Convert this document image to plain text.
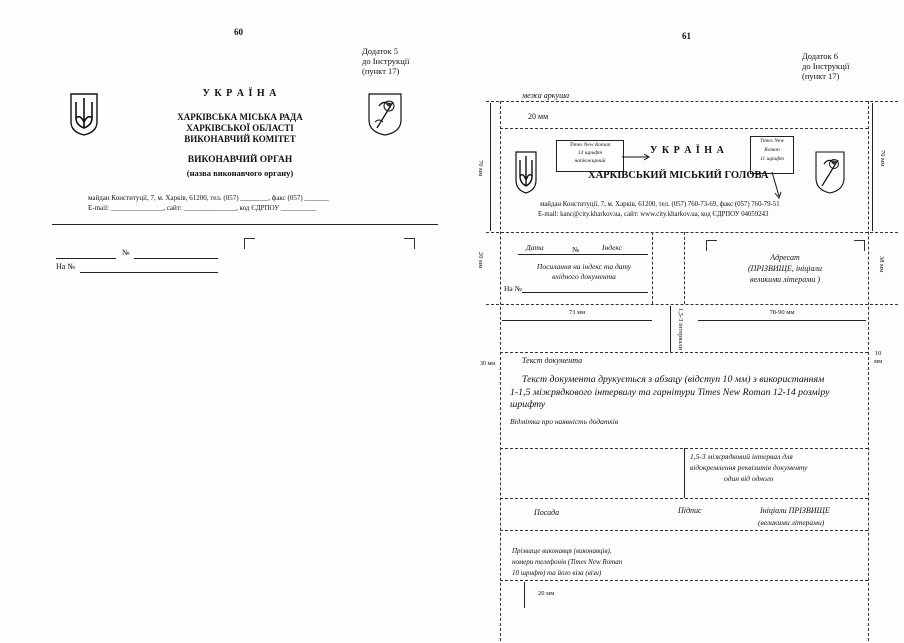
60
Додаток 5
до Інструкції
(пункт 17)
У К Р А Ї Н А
ХАРКІВСЬКА МІСЬКА РАДА
ХАРКІВСЬКОЇ ОБЛАСТІ
ВИКОНАВЧИЙ КОМІТЕТ
ВИКОНАВЧИЙ ОРГАН
(назва виконавчого органу)
майдан Конституції, 7, м. Харків, 61200, тел. (057) ________, факс (057) _______
E-mail: _______________, сайт: _______________, код ЄДРПОУ __________
№
На №
61
Додаток 6
до Інструкції
(пункт 17)
межа аркуша
20 мм
70 мм
70 мм
Times New Roman
14 шрифт
напівжирний
Times New
Roman
11 шрифт
У К Р А Ї Н А
ХАРКІВСЬКИЙ МІСЬКИЙ ГОЛОВА
майдан Конституції, 7, м. Харків, 61200, тел. (057) 760-73-69, факс (057) 760-79-51
E-mail: kanc@city.kharkov.ua, сайт: www.city.kharkov.ua, код ЄДРПОУ 04059243
20 мм	38 мм
Дата	№	Індекс
Посилання на індекс та дату
вхідного документа
На №
Адресат
(ПРІЗВИЩЕ, ініціали
великими літерами )
73 мм	78-90 мм
1,5-3 інтервали
30 мм
10
мм
Текст документа
Текст документа друкується з абзацу (відступ 10 мм) з використанням
1-1,5 міжрядкового інтервалу та гарнітури Times New Roman 12-14 розміру
шрифту
Відмітка про наявність додатків
1,5-3 міжрядковий інтервал для
відокремлення реквізитів документу
один від одного
Посада	Підпис	Ініціали ПРІЗВИЩЕ
(великими літерами)
Прізвище виконавця (виконавців),
номери телефонів (Times New Roman
10 шрифт) та його віза (візи)
20 мм
